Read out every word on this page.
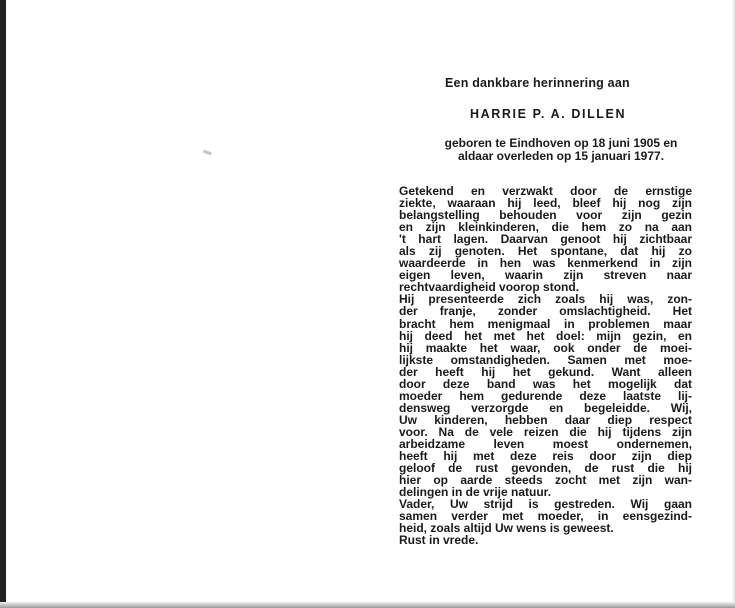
Een dankbare herinnering aan
HARRIE P. A. DILLEN
geboren te Eindhoven op 18 juni 1905 en
aldaar overleden op 15 januari 1977.
Getekend en verzwakt door de ernstige
ziekte, waaraan hij leed, bleef hij nog zijn
belangstelling behouden voor zijn gezin
en zijn kleinkinderen, die hem zo na aan
't hart lagen. Daarvan genoot hij zichtbaar
als zij genoten. Het spontane, dat hij zo
waardeerde in hen was kenmerkend in zijn
eigen leven, waarin zijn streven naar
rechtvaardigheid voorop stond.
Hij presenteerde zich zoals hij was, zon-
der franje, zonder omslachtigheid. Het
bracht hem menigmaal in problemen maar
hij deed het met het doel: mijn gezin, en
hij maakte het waar, ook onder de moei-
lijkste omstandigheden. Samen met moe-
der heeft hij het gekund. Want alleen
door deze band was het mogelijk dat
moeder hem gedurende deze laatste lij-
densweg verzorgde en begeleidde. Wij,
Uw kinderen, hebben daar diep respect
voor. Na de vele reizen die hij tijdens zijn
arbeidzame leven moest ondernemen,
heeft hij met deze reis door zijn diep
geloof de rust gevonden, de rust die hij
hier op aarde steeds zocht met zijn wan-
delingen in de vrije natuur.
Vader, Uw strijd is gestreden. Wij gaan
samen verder met moeder, in eensgezind-
heid, zoals altijd Uw wens is geweest.
Rust in vrede.
